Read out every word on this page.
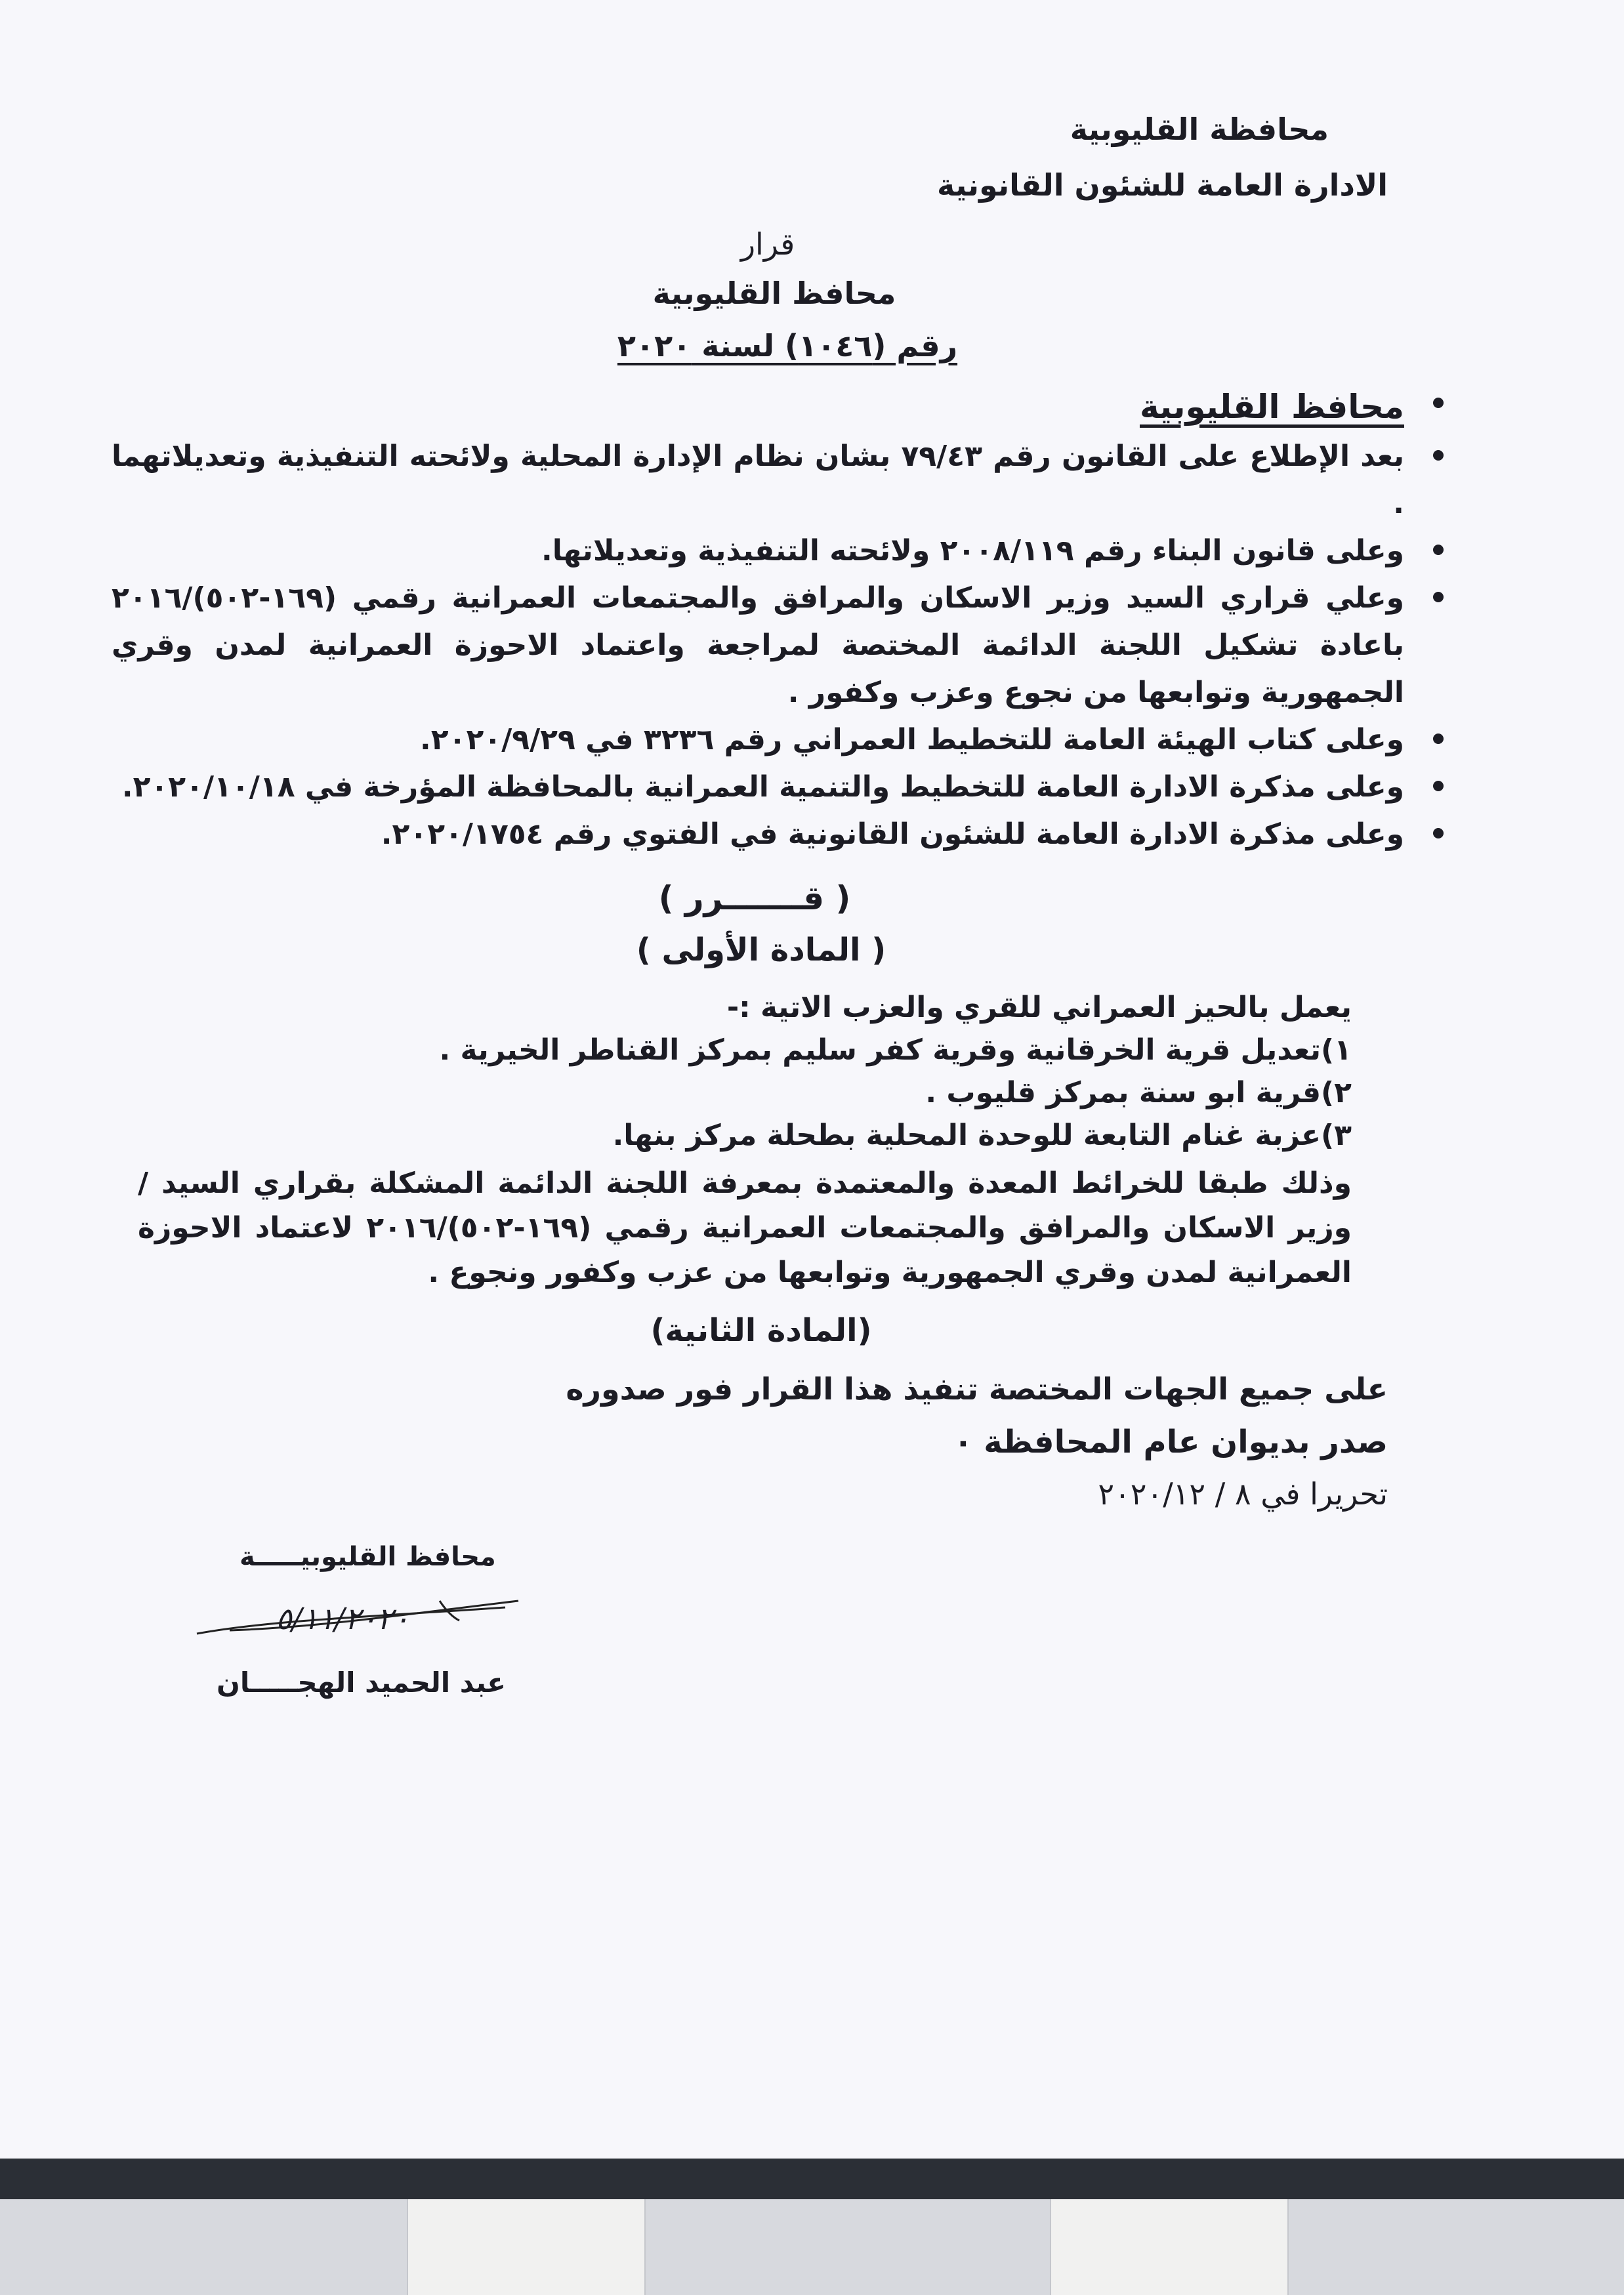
محافظة القليوبية
الادارة العامة للشئون القانونية
قرار
محافظ القليوبية
رقم (١٠٤٦) لسنة ٢٠٢٠
محافظ القليوبية
بعد الإطلاع على القانون رقم ٧٩/٤٣ بشان نظام الإدارة المحلية ولائحته التنفيذية وتعديلاتهما .
وعلى قانون البناء رقم ٢٠٠٨/١١٩ ولائحته التنفيذية وتعديلاتها.
وعلي قراري السيد وزير الاسكان والمرافق والمجتمعات العمرانية رقمي (١٦٩-٥٠٢)/٢٠١٦ باعادة تشكيل اللجنة الدائمة المختصة لمراجعة واعتماد الاحوزة العمرانية لمدن وقري الجمهورية وتوابعها من نجوع وعزب وكفور .
وعلى كتاب الهيئة العامة للتخطيط العمراني رقم ٣٢٣٦ في ٢٠٢٠/٩/٢٩.
وعلى مذكرة الادارة العامة للتخطيط والتنمية العمرانية بالمحافظة المؤرخة في ٢٠٢٠/١٠/١٨.
وعلى مذكرة الادارة العامة للشئون القانونية في الفتوي رقم ٢٠٢٠/١٧٥٤.
( قـــــــرر )
( المادة الأولى )
يعمل بالحيز العمراني للقري والعزب الاتية :-
١)تعديل قرية الخرقانية وقرية كفر سليم بمركز القناطر الخيرية .
٢)قرية ابو سنة بمركز قليوب .
٣)عزبة غنام التابعة للوحدة المحلية بطحلة مركز بنها.
وذلك طبقا للخرائط المعدة والمعتمدة بمعرفة اللجنة الدائمة المشكلة بقراري السيد / وزير الاسكان والمرافق والمجتمعات العمرانية رقمي (١٦٩-٥٠٢)/٢٠١٦ لاعتماد الاحوزة العمرانية لمدن وقري الجمهورية وتوابعها من عزب وكفور ونجوع .
(المادة الثانية)
على جميع الجهات المختصة تنفيذ هذا القرار فور صدوره
صدر بديوان عام المحافظة ٠
تحريرا في ٨ / ٢٠٢٠/١٢
محافظ القليوبيـــــة
٥/١١/٢٠٢٠
عبد الحميد الهجـــــان
